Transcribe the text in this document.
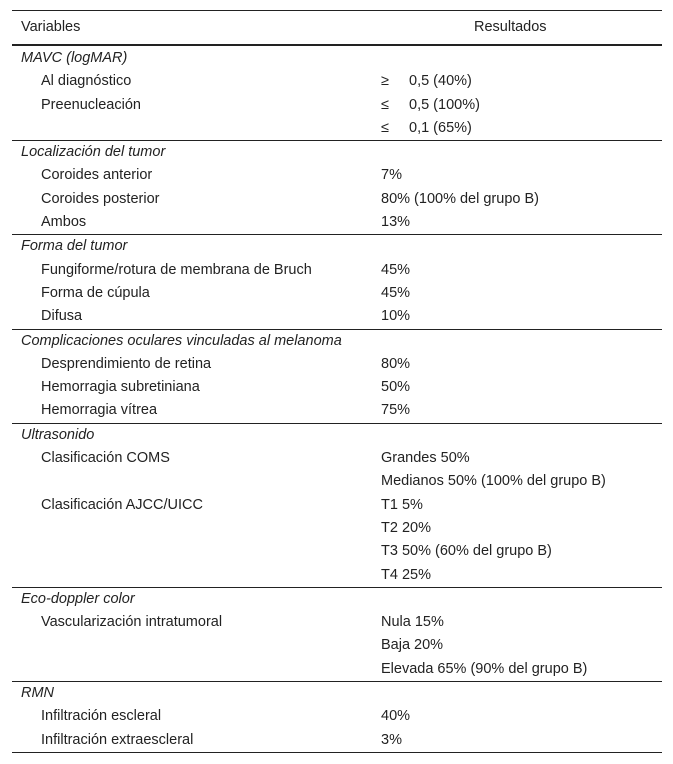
Variables	Resultados
MAVC (logMAR)
Al diagnóstico	≥ 0,5 (40%)
Preenucleación	≤ 0,5 (100%)
≤ 0,1 (65%)
Localización del tumor
Coroides anterior	7%
Coroides posterior	80% (100% del grupo B)
Ambos	13%
Forma del tumor
Fungiforme/rotura de membrana de Bruch	45%
Forma de cúpula	45%
Difusa	10%
Complicaciones oculares vinculadas al melanoma
Desprendimiento de retina	80%
Hemorragia subretiniana	50%
Hemorragia vítrea	75%
Ultrasonido
Clasificación COMS	Grandes 50%
Medianos 50% (100% del grupo B)
Clasificación AJCC/UICC	T1 5%
T2 20%
T3 50% (60% del grupo B)
T4 25%
Eco-doppler color
Vascularización intratumoral	Nula 15%
Baja 20%
Elevada 65% (90% del grupo B)
RMN
Infiltración escleral	40%
Infiltración extraescleral	3%
